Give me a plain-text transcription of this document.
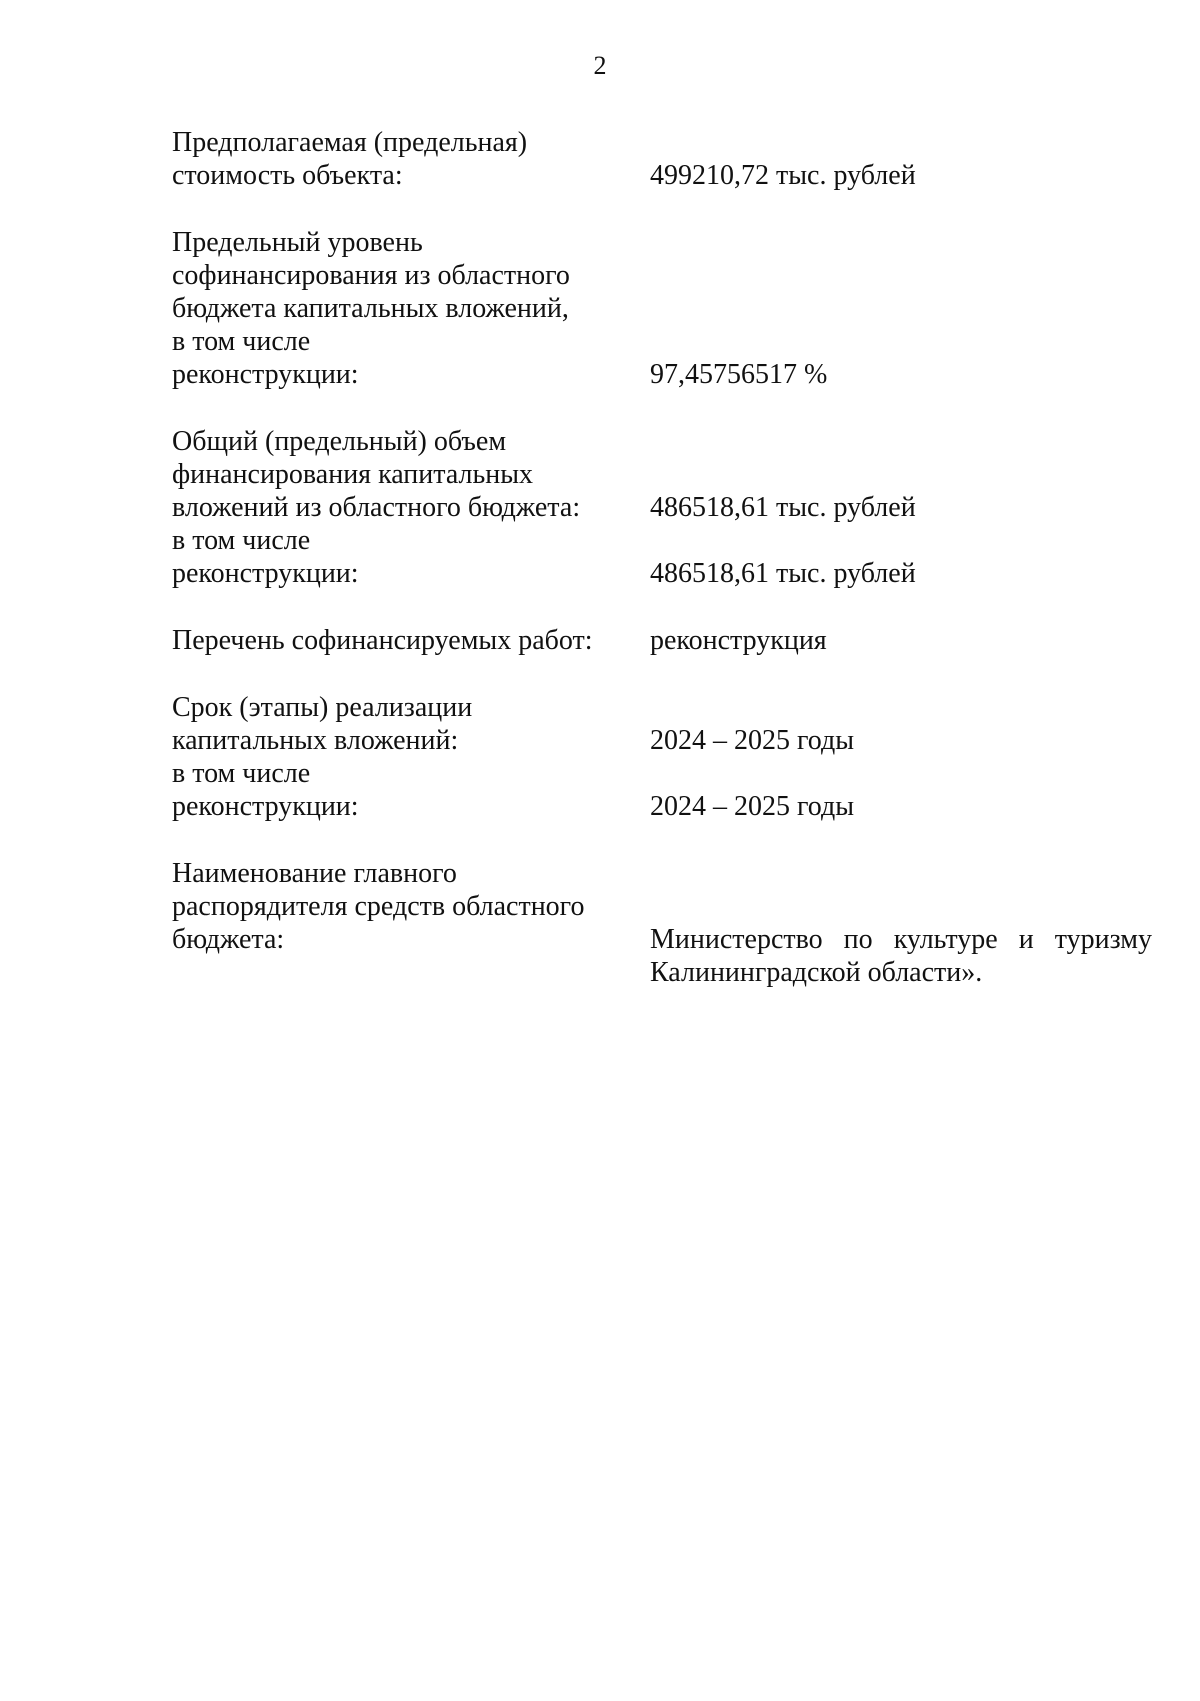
2
Предполагаемая (предельная)
стоимость объекта:	499210,72 тыс. рублей
Предельный уровень
софинансирования из областного
бюджета капитальных вложений,
в том числе
реконструкции:	97,45756517 %
Общий (предельный) объем
финансирования капитальных
вложений из областного бюджета:	486518,61 тыс. рублей
в том числе
реконструкции:	486518,61 тыс. рублей
Перечень софинансируемых работ:	реконструкция
Срок (этапы) реализации
капитальных вложений:	2024 – 2025 годы
в том числе
реконструкции:	2024 – 2025 годы
Наименование главного
распорядителя средств областного
бюджета:	Министерство по культуре и туризму
Калининградской области».
